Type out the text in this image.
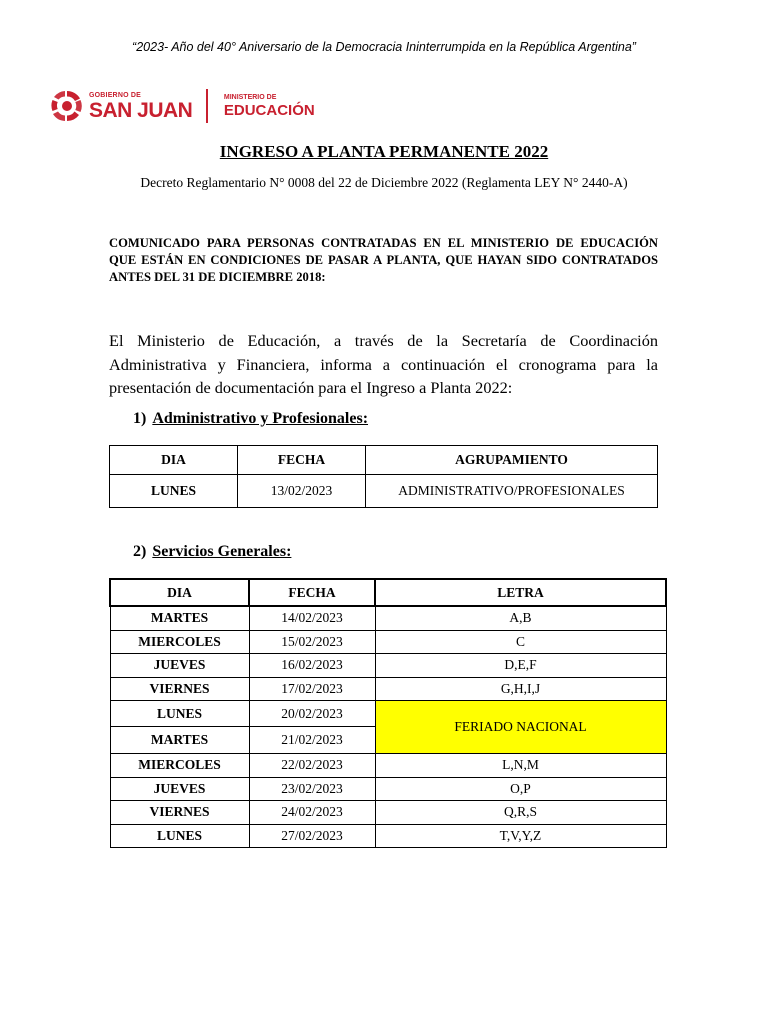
“2023- Año del 40° Aniversario de la Democracia Ininterrumpida en la República Argentina”
GOBIERNO DE
SAN JUAN
MINISTERIO DE
EDUCACIÓN
INGRESO A PLANTA PERMANENTE 2022
Decreto Reglamentario N° 0008 del 22 de Diciembre 2022 (Reglamenta LEY N° 2440-A)
COMUNICADO PARA PERSONAS CONTRATADAS EN EL MINISTERIO DE EDUCACIÓN QUE ESTÁN EN CONDICIONES DE PASAR A PLANTA, QUE HAYAN SIDO CONTRATADOS ANTES DEL 31 DE DICIEMBRE 2018:
El Ministerio de Educación, a través de la Secretaría de Coordinación Administrativa y Financiera, informa a continuación el cronograma para la presentación de documentación para el Ingreso a Planta 2022:
1) Administrativo y Profesionales:
DIA	FECHA	AGRUPAMIENTO
LUNES	13/02/2023	ADMINISTRATIVO/PROFESIONALES
2) Servicios Generales:
DIA	FECHA	LETRA
MARTES	14/02/2023	A,B
MIERCOLES	15/02/2023	C
JUEVES	16/02/2023	D,E,F
VIERNES	17/02/2023	G,H,I,J
LUNES	20/02/2023	FERIADO NACIONAL
MARTES	21/02/2023	
MIERCOLES	22/02/2023	L,N,M
JUEVES	23/02/2023	O,P
VIERNES	24/02/2023	Q,R,S
LUNES	27/02/2023	T,V,Y,Z
